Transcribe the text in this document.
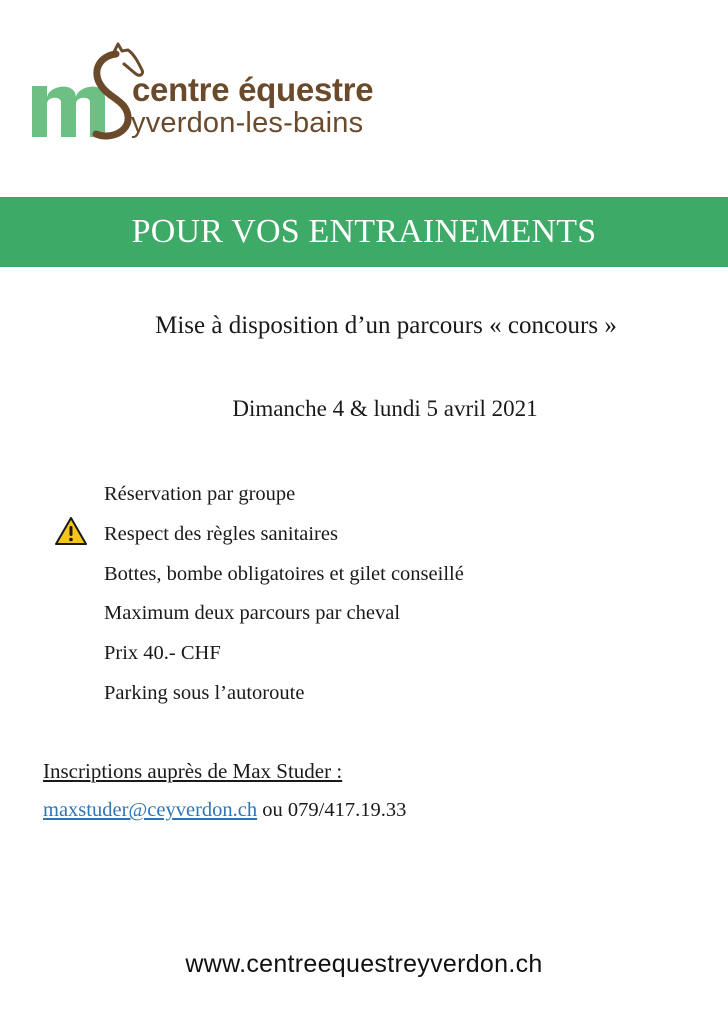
centre équestre
yverdon-les-bains
POUR VOS ENTRAINEMENTS
Mise à disposition d’un parcours « concours »
Dimanche 4 & lundi 5 avril 2021
Réservation par groupe
Respect des règles sanitaires
Bottes, bombe obligatoires et gilet conseillé
Maximum deux parcours par cheval
Prix 40.- CHF
Parking sous l’autoroute
Inscriptions auprès de Max Studer :
maxstuder@ceyverdon.ch ou 079/417.19.33
www.centreequestreyverdon.ch
